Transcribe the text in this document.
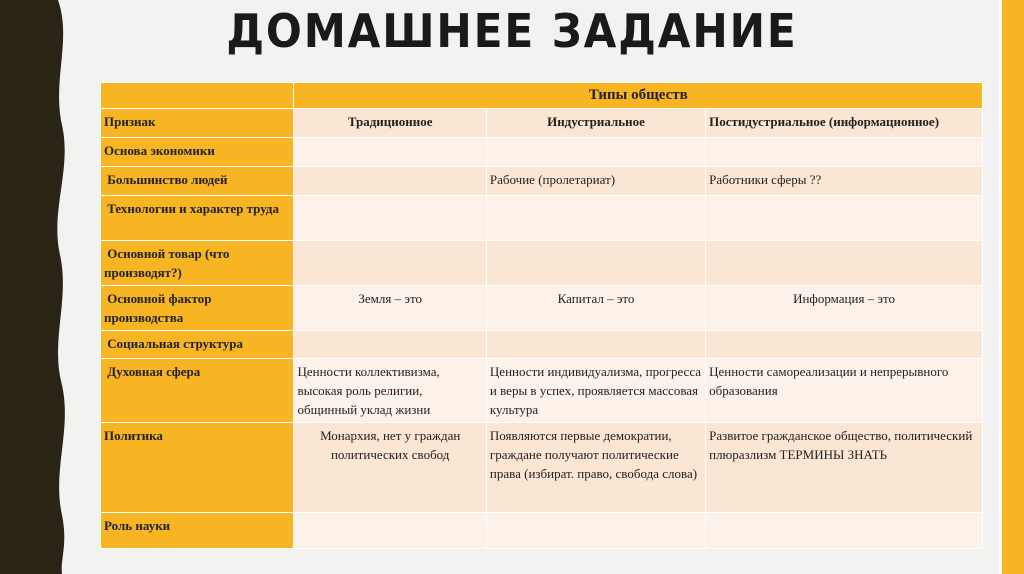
ДОМАШНЕЕ ЗАДАНИЕ
	Типы обществ		
Признак	Традиционное	Индустриальное	Постидустриальное (информационное)
Основа экономики			
Большинство людей		Рабочие (пролетариат)	Работники сферы ??
Технологии и характер труда			
Основной товар (что производят?)			
Основной фактор производства	Земля – это	Капитал – это	Информация – это
Социальная структура			
Духовная сфера	Ценности коллективизма, высокая роль религии, общинный уклад жизни	Ценности индивидуализма, прогресса и веры в успех, проявляется массовая культура	Ценности самореализации и непрерывного образования
Политика	Монархия, нет у граждан политических свобод	Появляются первые демократии, граждане получают политические права (избират. право, свобода слова)	Развитое гражданское общество, политический плюразлизм ТЕРМИНЫ ЗНАТЬ
Роль науки			
